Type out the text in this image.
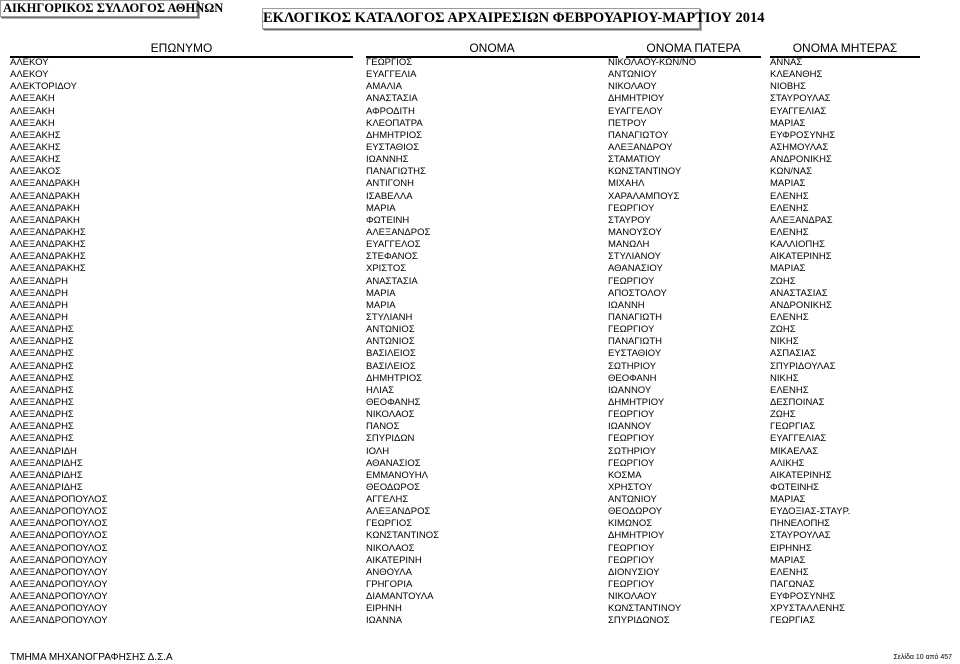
ΑΙΚΗΓΟΡΙΚΟΣ ΣΥΛΛΟΓΟΣ ΑΘΗΝΩΝ
ΕΚΛΟΓΙΚΟΣ ΚΑΤΑΛΟΓΟΣ ΑΡΧΑΙΡΕΣΙΩΝ ΦΕΒΡΟΥΑΡΙΟΥ-ΜΑΡΤΙΟΥ 2014
ΕΠΩΝΥΜΟ	ΟΝΟΜΑ	ΟΝΟΜΑ ΠΑΤΕΡΑ	ΟΝΟΜΑ ΜΗΤΕΡΑΣ
ΑΛΕΚΟΥ	ΓΕΩΡΓΙΟΣ	ΝΙΚΟΛΑΟΥ-ΚΩΝ/ΝΟ	ΑΝΝΑΣ
ΑΛΕΚΟΥ	ΕΥΑΓΓΕΛΙΑ	ΑΝΤΩΝΙΟΥ	ΚΛΕΑΝΘΗΣ
ΑΛΕΚΤΟΡΙΔΟΥ	ΑΜΑΛΙΑ	ΝΙΚΟΛΑΟΥ	ΝΙΟΒΗΣ
ΑΛΕΞΑΚΗ	ΑΝΑΣΤΑΣΙΑ	ΔΗΜΗΤΡΙΟΥ	ΣΤΑΥΡΟΥΛΑΣ
ΑΛΕΞΑΚΗ	ΑΦΡΟΔΙΤΗ	ΕΥΑΓΓΕΛΟΥ	ΕΥΑΓΓΕΛΙΑΣ
ΑΛΕΞΑΚΗ	ΚΛΕΟΠΑΤΡΑ	ΠΕΤΡΟΥ	ΜΑΡΙΑΣ
ΑΛΕΞΑΚΗΣ	ΔΗΜΗΤΡΙΟΣ	ΠΑΝΑΓΙΩΤΟΥ	ΕΥΦΡΟΣΥΝΗΣ
ΑΛΕΞΑΚΗΣ	ΕΥΣΤΑΘΙΟΣ	ΑΛΕΞΑΝΔΡΟΥ	ΑΣΗΜΟΥΛΑΣ
ΑΛΕΞΑΚΗΣ	ΙΩΑΝΝΗΣ	ΣΤΑΜΑΤΙΟΥ	ΑΝΔΡΟΝΙΚΗΣ
ΑΛΕΞΑΚΟΣ	ΠΑΝΑΓΙΩΤΗΣ	ΚΩΝΣΤΑΝΤΙΝΟΥ	ΚΩΝ/ΝΑΣ
ΑΛΕΞΑΝΔΡΑΚΗ	ΑΝΤΙΓΟΝΗ	ΜΙΧΑΗΛ	ΜΑΡΙΑΣ
ΑΛΕΞΑΝΔΡΑΚΗ	ΙΣΑΒΕΛΛΑ	ΧΑΡΑΛΑΜΠΟΥΣ	ΕΛΕΝΗΣ
ΑΛΕΞΑΝΔΡΑΚΗ	ΜΑΡΙΑ	ΓΕΩΡΓΙΟΥ	ΕΛΕΝΗΣ
ΑΛΕΞΑΝΔΡΑΚΗ	ΦΩΤΕΙΝΗ	ΣΤΑΥΡΟΥ	ΑΛΕΞΑΝΔΡΑΣ
ΑΛΕΞΑΝΔΡΑΚΗΣ	ΑΛΕΞΑΝΔΡΟΣ	ΜΑΝΟΥΣΟΥ	ΕΛΕΝΗΣ
ΑΛΕΞΑΝΔΡΑΚΗΣ	ΕΥΑΓΓΕΛΟΣ	ΜΑΝΩΛΗ	ΚΑΛΛΙΟΠΗΣ
ΑΛΕΞΑΝΔΡΑΚΗΣ	ΣΤΕΦΑΝΟΣ	ΣΤΥΛΙΑΝΟΥ	ΑΙΚΑΤΕΡΙΝΗΣ
ΑΛΕΞΑΝΔΡΑΚΗΣ	ΧΡΙΣΤΟΣ	ΑΘΑΝΑΣΙΟΥ	ΜΑΡΙΑΣ
ΑΛΕΞΑΝΔΡΗ	ΑΝΑΣΤΑΣΙΑ	ΓΕΩΡΓΙΟΥ	ΖΩΗΣ
ΑΛΕΞΑΝΔΡΗ	ΜΑΡΙΑ	ΑΠΟΣΤΟΛΟΥ	ΑΝΑΣΤΑΣΙΑΣ
ΑΛΕΞΑΝΔΡΗ	ΜΑΡΙΑ	ΙΩΑΝΝΗ	ΑΝΔΡΟΝΙΚΗΣ
ΑΛΕΞΑΝΔΡΗ	ΣΤΥΛΙΑΝΗ	ΠΑΝΑΓΙΩΤΗ	ΕΛΕΝΗΣ
ΑΛΕΞΑΝΔΡΗΣ	ΑΝΤΩΝΙΟΣ	ΓΕΩΡΓΙΟΥ	ΖΩΗΣ
ΑΛΕΞΑΝΔΡΗΣ	ΑΝΤΩΝΙΟΣ	ΠΑΝΑΓΙΩΤΗ	ΝΙΚΗΣ
ΑΛΕΞΑΝΔΡΗΣ	ΒΑΣΙΛΕΙΟΣ	ΕΥΣΤΑΘΙΟΥ	ΑΣΠΑΣΙΑΣ
ΑΛΕΞΑΝΔΡΗΣ	ΒΑΣΙΛΕΙΟΣ	ΣΩΤΗΡΙΟΥ	ΣΠΥΡΙΔΟΥΛΑΣ
ΑΛΕΞΑΝΔΡΗΣ	ΔΗΜΗΤΡΙΟΣ	ΘΕΟΦΑΝΗ	ΝΙΚΗΣ
ΑΛΕΞΑΝΔΡΗΣ	ΗΛΙΑΣ	ΙΩΑΝΝΟΥ	ΕΛΕΝΗΣ
ΑΛΕΞΑΝΔΡΗΣ	ΘΕΟΦΑΝΗΣ	ΔΗΜΗΤΡΙΟΥ	ΔΕΣΠΟΙΝΑΣ
ΑΛΕΞΑΝΔΡΗΣ	ΝΙΚΟΛΑΟΣ	ΓΕΩΡΓΙΟΥ	ΖΩΗΣ
ΑΛΕΞΑΝΔΡΗΣ	ΠΑΝΟΣ	ΙΩΑΝΝΟΥ	ΓΕΩΡΓΙΑΣ
ΑΛΕΞΑΝΔΡΗΣ	ΣΠΥΡΙΔΩΝ	ΓΕΩΡΓΙΟΥ	ΕΥΑΓΓΕΛΙΑΣ
ΑΛΕΞΑΝΔΡΙΔΗ	ΙΟΛΗ	ΣΩΤΗΡΙΟΥ	ΜΙΚΑΕΛΑΣ
ΑΛΕΞΑΝΔΡΙΔΗΣ	ΑΘΑΝΑΣΙΟΣ	ΓΕΩΡΓΙΟΥ	ΑΛΙΚΗΣ
ΑΛΕΞΑΝΔΡΙΔΗΣ	ΕΜΜΑΝΟΥΗΛ	ΚΟΣΜΑ	ΑΙΚΑΤΕΡΙΝΗΣ
ΑΛΕΞΑΝΔΡΙΔΗΣ	ΘΕΟΔΩΡΟΣ	ΧΡΗΣΤΟΥ	ΦΩΤΕΙΝΗΣ
ΑΛΕΞΑΝΔΡΟΠΟΥΛΟΣ	ΑΓΓΕΛΗΣ	ΑΝΤΩΝΙΟΥ	ΜΑΡΙΑΣ
ΑΛΕΞΑΝΔΡΟΠΟΥΛΟΣ	ΑΛΕΞΑΝΔΡΟΣ	ΘΕΟΔΩΡΟΥ	ΕΥΔΟΞΙΑΣ-ΣΤΑΥΡ.
ΑΛΕΞΑΝΔΡΟΠΟΥΛΟΣ	ΓΕΩΡΓΙΟΣ	ΚΙΜΩΝΟΣ	ΠΗΝΕΛΟΠΗΣ
ΑΛΕΞΑΝΔΡΟΠΟΥΛΟΣ	ΚΩΝΣΤΑΝΤΙΝΟΣ	ΔΗΜΗΤΡΙΟΥ	ΣΤΑΥΡΟΥΛΑΣ
ΑΛΕΞΑΝΔΡΟΠΟΥΛΟΣ	ΝΙΚΟΛΑΟΣ	ΓΕΩΡΓΙΟΥ	ΕΙΡΗΝΗΣ
ΑΛΕΞΑΝΔΡΟΠΟΥΛΟΥ	ΑΙΚΑΤΕΡΙΝΗ	ΓΕΩΡΓΙΟΥ	ΜΑΡΙΑΣ
ΑΛΕΞΑΝΔΡΟΠΟΥΛΟΥ	ΑΝΘΟΥΛΑ	ΔΙΟΝΥΣΙΟΥ	ΕΛΕΝΗΣ
ΑΛΕΞΑΝΔΡΟΠΟΥΛΟΥ	ΓΡΗΓΟΡΙΑ	ΓΕΩΡΓΙΟΥ	ΠΑΓΩΝΑΣ
ΑΛΕΞΑΝΔΡΟΠΟΥΛΟΥ	ΔΙΑΜΑΝΤΟΥΛΑ	ΝΙΚΟΛΑΟΥ	ΕΥΦΡΟΣΥΝΗΣ
ΑΛΕΞΑΝΔΡΟΠΟΥΛΟΥ	ΕΙΡΗΝΗ	ΚΩΝΣΤΑΝΤΙΝΟΥ	ΧΡΥΣΤΑΛΛΕΝΗΣ
ΑΛΕΞΑΝΔΡΟΠΟΥΛΟΥ	ΙΩΑΝΝΑ	ΣΠΥΡΙΔΩΝΟΣ	ΓΕΩΡΓΙΑΣ
ΤΜΗΜΑ ΜΗΧΑΝΟΓΡΑΦΗΣΗΣ Δ.Σ.Α	Σελίδα 10 από 457
